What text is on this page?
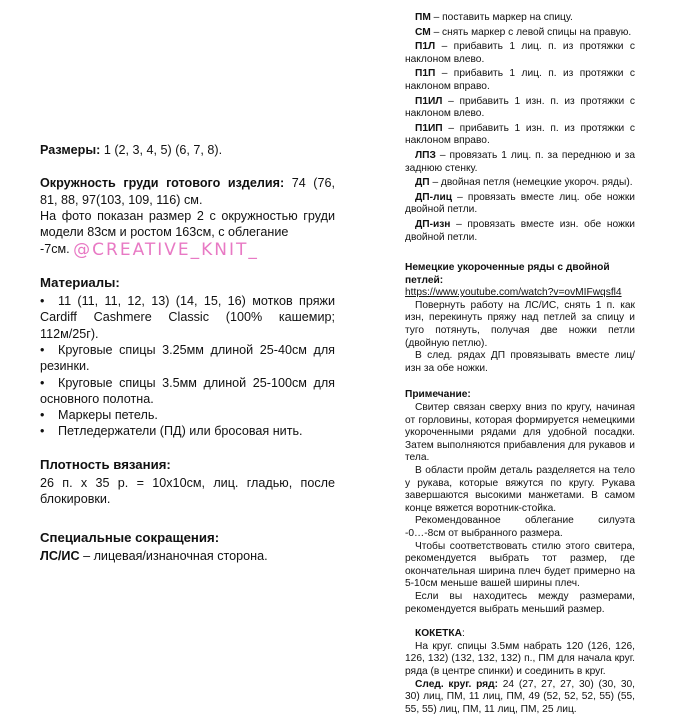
Размеры: 1 (2, 3, 4, 5) (6, 7, 8).
Окружность груди готового изделия: 74 (76, 81, 88, 97(103, 109, 116) см.
На фото показан размер 2 с окружностью груди модели 83см и ростом 163см, с облегание
-7см. @CREATIVE_KNIT_
Материалы:
• 11 (11, 11, 12, 13) (14, 15, 16) мотков пряжи Cardiff Cashmere Classic (100% кашемир; 112м/25г).
• Круговые спицы 3.25мм длиной 25-40см для резинки.
• Круговые спицы 3.5мм длиной 25-100см для основного полотна.
• Маркеры петель.
• Петледержатели (ПД) или бросовая нить.
Плотность вязания:
26 п. х 35 р. = 10х10см, лиц. гладью, после блокировки.
Специальные сокращения:
ЛС/ИС – лицевая/изнаночная сторона.
ПМ – поставить маркер на спицу.
СМ – снять маркер с левой спицы на правую.
П1Л – прибавить 1 лиц. п. из протяжки с наклоном влево.
П1П – прибавить 1 лиц. п. из протяжки с наклоном вправо.
П1ИЛ – прибавить 1 изн. п. из протяжки с наклоном влево.
П1ИП – прибавить 1 изн. п. из протяжки с наклоном вправо.
ЛПЗ – провязать 1 лиц. п. за переднюю и за заднюю стенку.
ДП – двойная петля (немецкие укороч. ряды).
ДП-лиц – провязать вместе лиц. обе ножки двойной петли.
ДП-изн – провязать вместе изн. обе ножки двойной петли.
Немецкие укороченные ряды с двойной петлей:
https://www.youtube.com/watch?v=ovMIFwqsfl4

Повернуть работу на ЛС/ИС, снять 1 п. как изн, перекинуть пряжу над петлей за спицу и туго потянуть, получая две ножки петли (двойную петлю).

В след. рядах ДП провязывать вместе лиц/изн за обе ножки.

Примечание:

Свитер связан сверху вниз по кругу, начиная от горловины, которая формируется немецкими укороченными рядами для удобной посадки. Затем выполняются прибавления для рукавов и тела.

В области пройм деталь разделяется на тело у рукава, которые вяжутся по кругу. Рукава завершаются высокими манжетами. В самом конце вяжется воротник-стойка.

Рекомендованное облегание силуэта -0…-8см от выбранного размера.

Чтобы соответствовать стилю этого свитера, рекомендуется выбрать тот размер, где окончательная ширина плеч будет примерно на 5-10см меньше вашей ширины плеч.

Если вы находитесь между размерами, рекомендуется выбрать меньший размер.

КОКЕТКА:

На круг. спицы 3.5мм набрать 120 (126, 126, 126, 132) (132, 132, 132) п., ПМ для начала круг. ряда (в центре спинки) и соединить в круг.

След. круг. ряд: 24 (27, 27, 27, 30) (30, 30, 30) лиц, ПМ, 11 лиц, ПМ, 49 (52, 52, 52, 55) (55, 55, 55) лиц, ПМ, 11 лиц, ПМ, 25 лиц.
